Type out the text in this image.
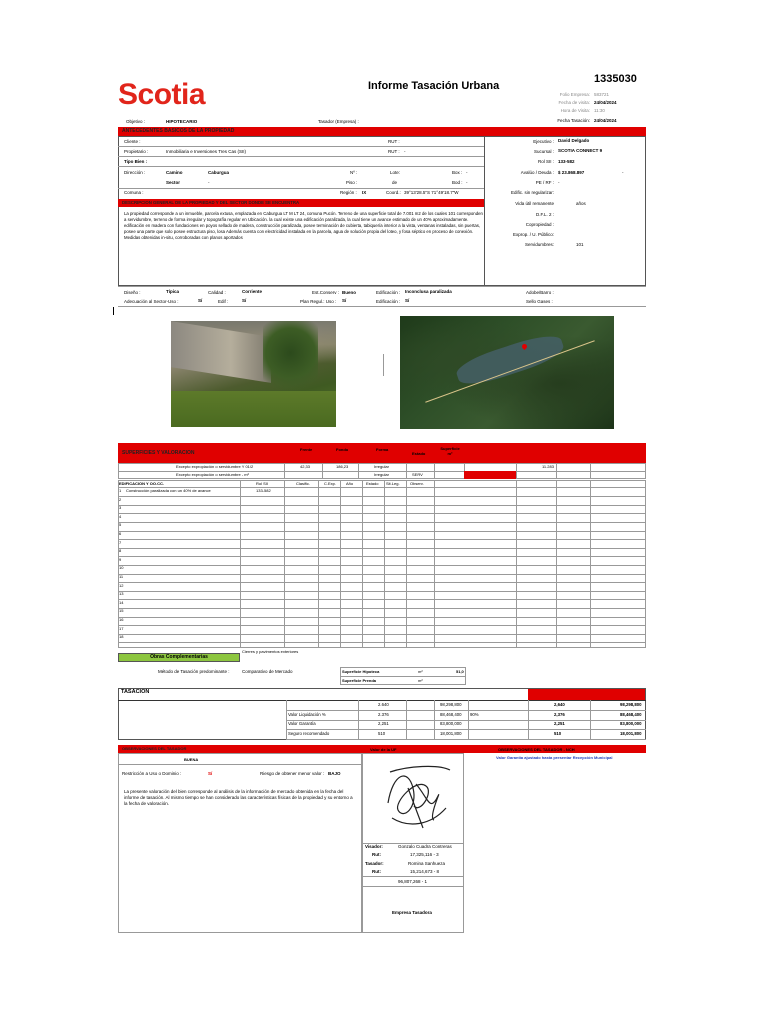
Scotia	Informe Tasación Urbana
1335030
Folio Empresa: 583721
Fecha de visita: 24/04/2024
Hora de Visita: 11:30
Fecha Tasación: 24/04/2024
Objetivo :	HIPOTECARIO	Tasador (Empresa) :
ANTECEDENTES BASICOS DE LA PROPIEDAD
Cliente :	RUT :
Propietario :	Inmobiliaria e Inversiones Tres Cas (SII)	RUT : -
Tipo Bien :
Dirección :	Camino	Caburgua	Nº :	Lote:	Box : -
Sector	-	Piso :	de	Bod : -
Comuna :	Región : IX	Coord.: 39°13'28.5"S 71°49'18.7"W
Ejecutivo : David Delgado
Sucursal : SCOTIA CONNECT 9
Rol SII : 133-582
Avalúo / Deuda : $ 23.868.897	-
PE / RF : -
Edific. sin regularizar:
Vida útil remanente	años
D.F.L. 2 :
Copropiedad :
Exprop. / U. Público:
Servidumbres:	101
DESCRIPCION GENERAL DE LA PROPIEDAD Y DEL SECTOR DONDE SE ENCUENTRA
La propiedad corresponde a un inmueble, parcela extusa, emplazada en Caburgua LT M LT 24, comuna Pucón. Terreno de una superficie total de 7.001 m2 de los cuales 101 corresponden a servidumbre, terreno de forma irregular y topografía regular en Ubicación. la cual existe una edificación paralizada, la cual tiene un avance estimado de un 40% aproximadamente. edificación en madera con fundaciones en poyos sellado de madera, construcción paralizada, posee terminación de cubierta, tabiquería interior a la vista, ventanas instaladas, sin puertas, posee una parte que solo posee estructura piso, losa Además cuenta con electricidad instalada en la parcela, agua de solución propia del loteo, y fosa séptico en proceso de conexión. Medidas obtenidas in-situ, corroboradas con planos aportados
Diseño :	Típica	Calidad :	Corriente	Est.Conserv : Bueno	Edificación : Inconclusa paralizada	Adobe/Barro :
Adecuación al Sector-Uso :	Sí	Edif :	Sí	Plan Regul.: Uso : Sí	Edificación : Sí	Sello Gases :
SUPERFICIES Y VALORACION
Frente	Fondo	Forma
Estado
Superficie m²
Excepto expropiación o servidumbre Y 01/2	42,33	186,23	Irregular	11.283
Excepto expropiación o servidumbre - m²	Irregular	SERV
EDIFICACION Y OO.CC.	Rol SII	Clasific.	C.Exp. Año	Estado Sit.Leg.	Observ.
1 Construcción paralizada con un 40% de avance	133-582
2
3
4
5
6
7
8
9
10
11
12
13
14
15
16
17
18
Cierres y pavimentos exteriores
Obras Complementarias
Método de Tasación predominante :	Comparativo de Mercado	Superficie Hipoteca	m²	51,0
Superficie Prenda	m²
TASACION
2.640	98,298,800	2,640	98,298,800
Valor Liquidación %	2.376	88,468,400 90%	2,376	88,468,400
Valor Garantía	2,251	83,800,000	2,251	83,800,000
Seguro recomendado	510	18,001,800	510	18,001,800
OBSERVACIONES DEL TASADOR	Valor de la UF	OBSERVACIONES DEL TASADOR - NCH
Valor Garantía ajustado hasta presentar Recepción Municipal
BUENA
Restricción a Uso o Dominio :	Sí	Riesgo de obtener menor valor : BAJO
La presente valoración del bien corresponde al análisis de la información de mercado obtenida en la fecha del informe de tasación. Al mismo tiempo se han considerado las características físicas de la propiedad y su entorno a la fecha de valoración.
Visador:	Gonzalo Cuadra Contreras
Rut:	17,325,116 - 3
Tasador:	Romina Sanhueza
Rut:	15,214,673 - 8
96,807,268 - 1
Empresa Tasadora
